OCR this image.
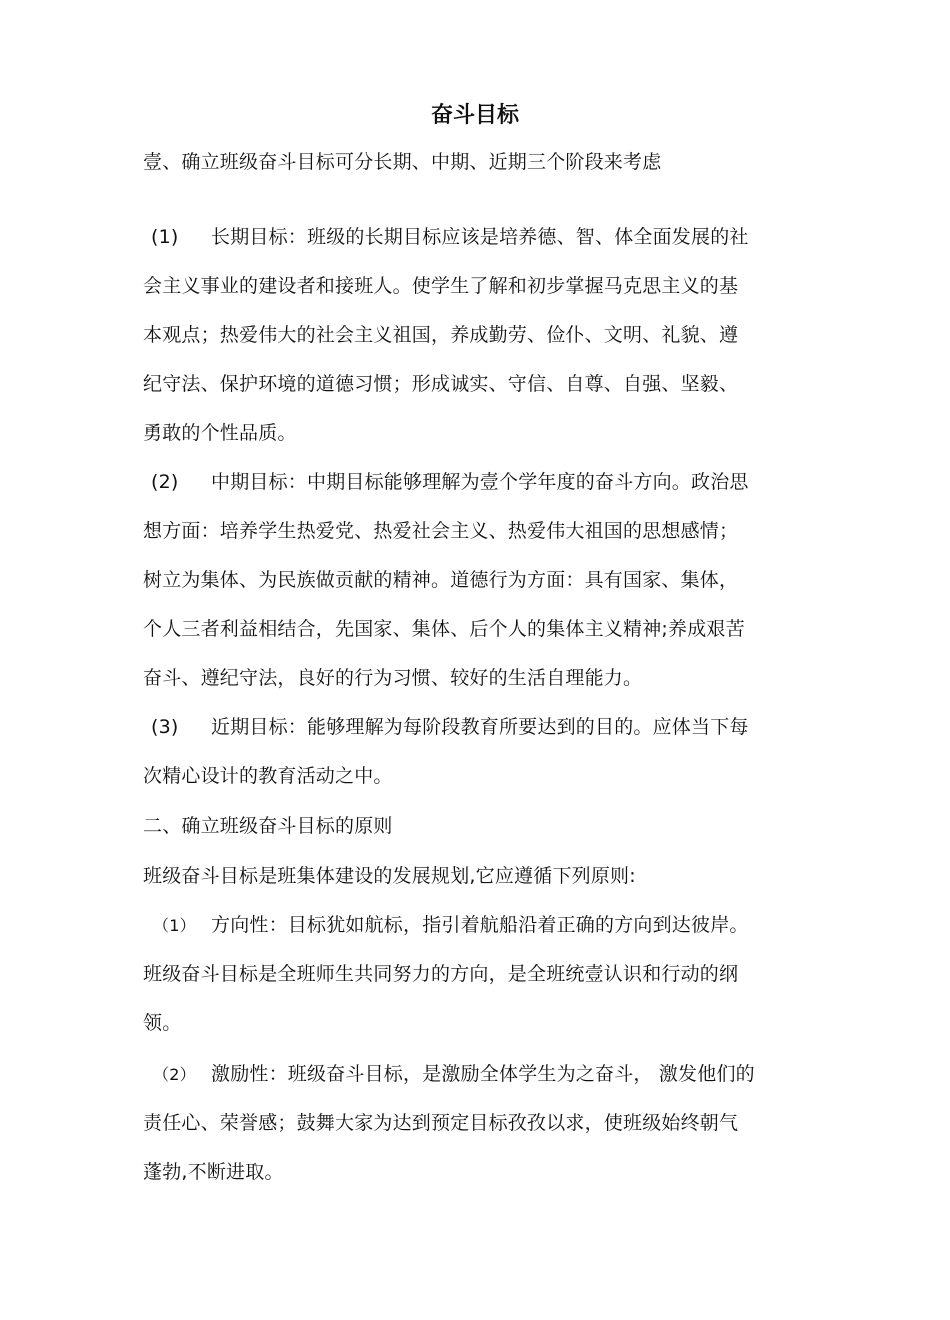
奋斗目标
壹、确立班级奋斗目标可分长期、中期、近期三个阶段来考虑
(1) 长期目标：班级的长期目标应该是培养德、智、体全面发展的社
会主义事业的建设者和接班人。使学生了解和初步掌握马克思主义的基
本观点；热爱伟大的社会主义祖国，养成勤劳、俭仆、文明、礼貌、遵
纪守法、保护环境的道德习惯；形成诚实、守信、自尊、自强、坚毅、
勇敢的个性品质。
(2) 中期目标：中期目标能够理解为壹个学年度的奋斗方向。政治思
想方面：培养学生热爱党、热爱社会主义、热爱伟大祖国的思想感情；
树立为集体、为民族做贡献的精神。道德行为方面：具有国家、集体，
个人三者利益相结合，先国家、集体、后个人的集体主义精神;养成艰苦
奋斗、遵纪守法，良好的行为习惯、较好的生活自理能力。
(3) 近期目标：能够理解为每阶段教育所要达到的目的。应体当下每
次精心设计的教育活动之中。
二、确立班级奋斗目标的原则
班级奋斗目标是班集体建设的发展规划,它应遵循下列原则:
（1） 方向性：目标犹如航标，指引着航船沿着正确的方向到达彼岸。
班级奋斗目标是全班师生共同努力的方向，是全班统壹认识和行动的纲
领。
（2） 激励性：班级奋斗目标，是激励全体学生为之奋斗， 激发他们的
责任心、荣誉感；鼓舞大家为达到预定目标孜孜以求，使班级始终朝气
蓬勃,不断进取。
